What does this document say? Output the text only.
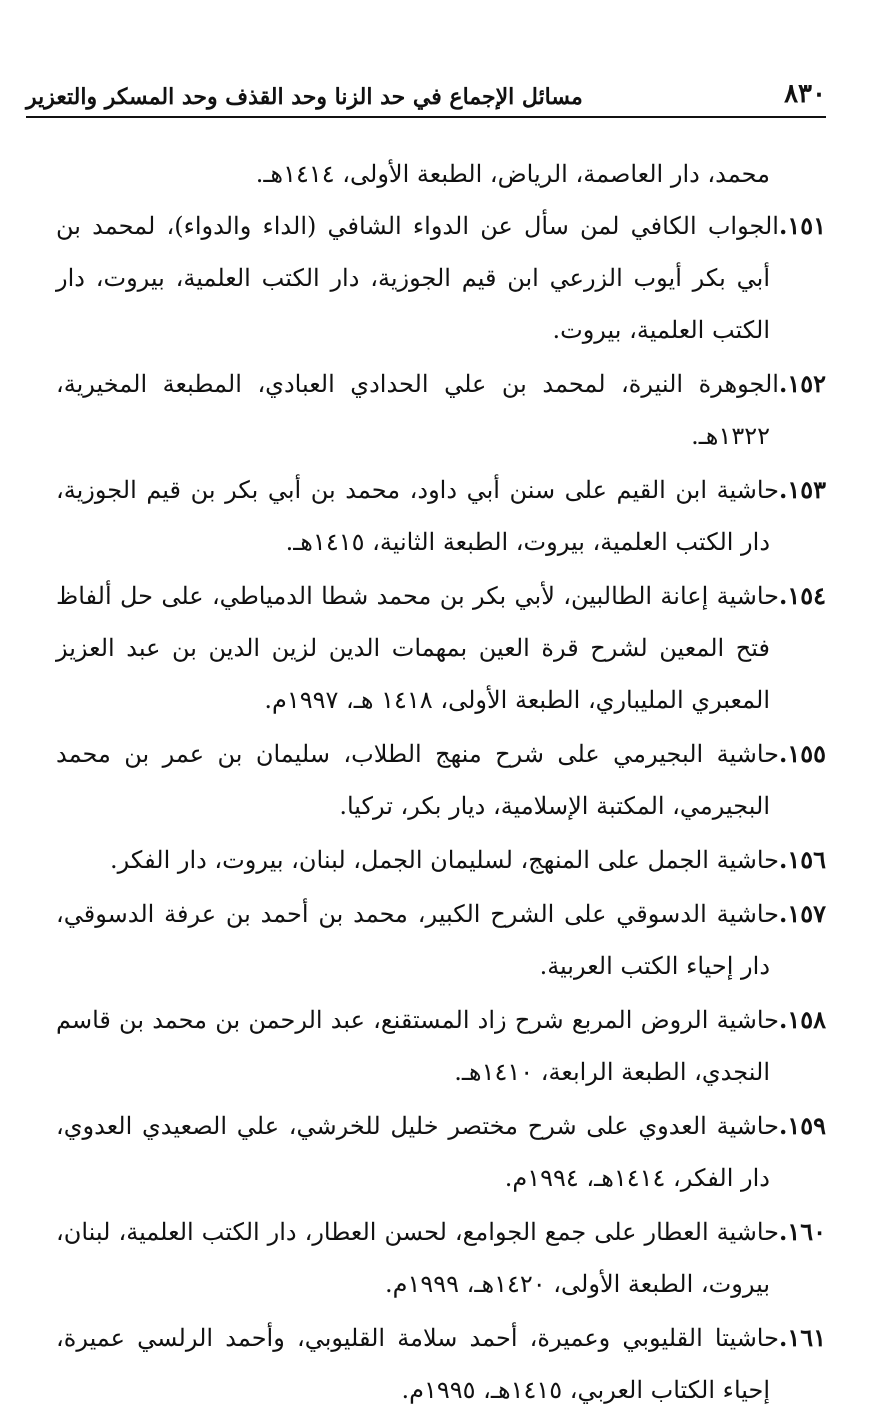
٨٣٠
مسائل الإجماع في حد الزنا وحد القذف وحد المسكر والتعزير

محمد، دار العاصمة، الرياض، الطبعة الأولى، ١٤١٤هـ.

١٥١.الجواب الكافي لمن سأل عن الدواء الشافي (الداء والدواء)، لمحمد بن أبي بكر أيوب الزرعي ابن قيم الجوزية، دار الكتب العلمية، بيروت، دار الكتب العلمية، بيروت.
١٥٢.الجوهرة النيرة، لمحمد بن علي الحدادي العبادي، المطبعة المخيرية، ١٣٢٢هـ.
١٥٣.حاشية ابن القيم على سنن أبي داود، محمد بن أبي بكر بن قيم الجوزية، دار الكتب العلمية، بيروت، الطبعة الثانية، ١٤١٥هـ.
١٥٤.حاشية إعانة الطالبين، لأبي بكر بن محمد شطا الدمياطي، على حل ألفاظ فتح المعين لشرح قرة العين بمهمات الدين لزين الدين بن عبد العزيز المعبري المليباري، الطبعة الأولى، ١٤١٨ هـ، ١٩٩٧م.
١٥٥.حاشية البجيرمي على شرح منهج الطلاب، سليمان بن عمر بن محمد البجيرمي، المكتبة الإسلامية، ديار بكر، تركيا.
١٥٦.حاشية الجمل على المنهج، لسليمان الجمل، لبنان، بيروت، دار الفكر.
١٥٧.حاشية الدسوقي على الشرح الكبير، محمد بن أحمد بن عرفة الدسوقي، دار إحياء الكتب العربية.
١٥٨.حاشية الروض المربع شرح زاد المستقنع، عبد الرحمن بن محمد بن قاسم النجدي، الطبعة الرابعة، ١٤١٠هـ.
١٥٩.حاشية العدوي على شرح مختصر خليل للخرشي، علي الصعيدي العدوي، دار الفكر، ١٤١٤هـ، ١٩٩٤م.
١٦٠.حاشية العطار على جمع الجوامع، لحسن العطار، دار الكتب العلمية، لبنان، بيروت، الطبعة الأولى، ١٤٢٠هـ، ١٩٩٩م.
١٦١.حاشيتا القليوبي وعميرة، أحمد سلامة القليوبي، وأحمد الرلسي عميرة، إحياء الكتاب العربي، ١٤١٥هـ، ١٩٩٥م.
